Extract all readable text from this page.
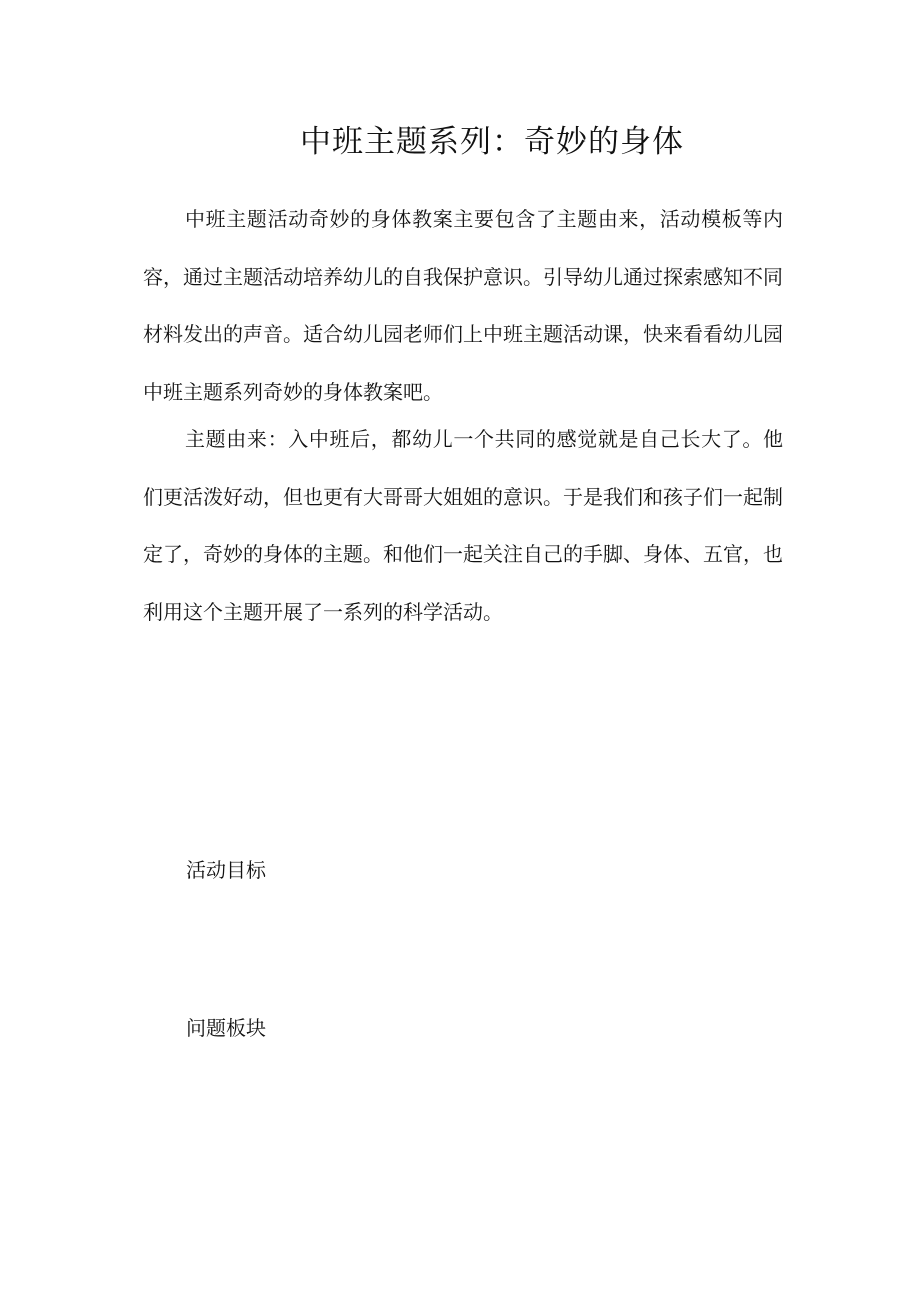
中班主题系列：奇妙的身体

中班主题活动奇妙的身体教案主要包含了主题由来，活动模板等内容，通过主题活动培养幼儿的自我保护意识。引导幼儿通过探索感知不同材料发出的声音。适合幼儿园老师们上中班主题活动课，快来看看幼儿园中班主题系列奇妙的身体教案吧。

主题由来：入中班后，都幼儿一个共同的感觉就是自己长大了。他们更活泼好动，但也更有大哥哥大姐姐的意识。于是我们和孩子们一起制定了，奇妙的身体的主题。和他们一起关注自己的手脚、身体、五官，也利用这个主题开展了一系列的科学活动。

活动目标
问题板块
